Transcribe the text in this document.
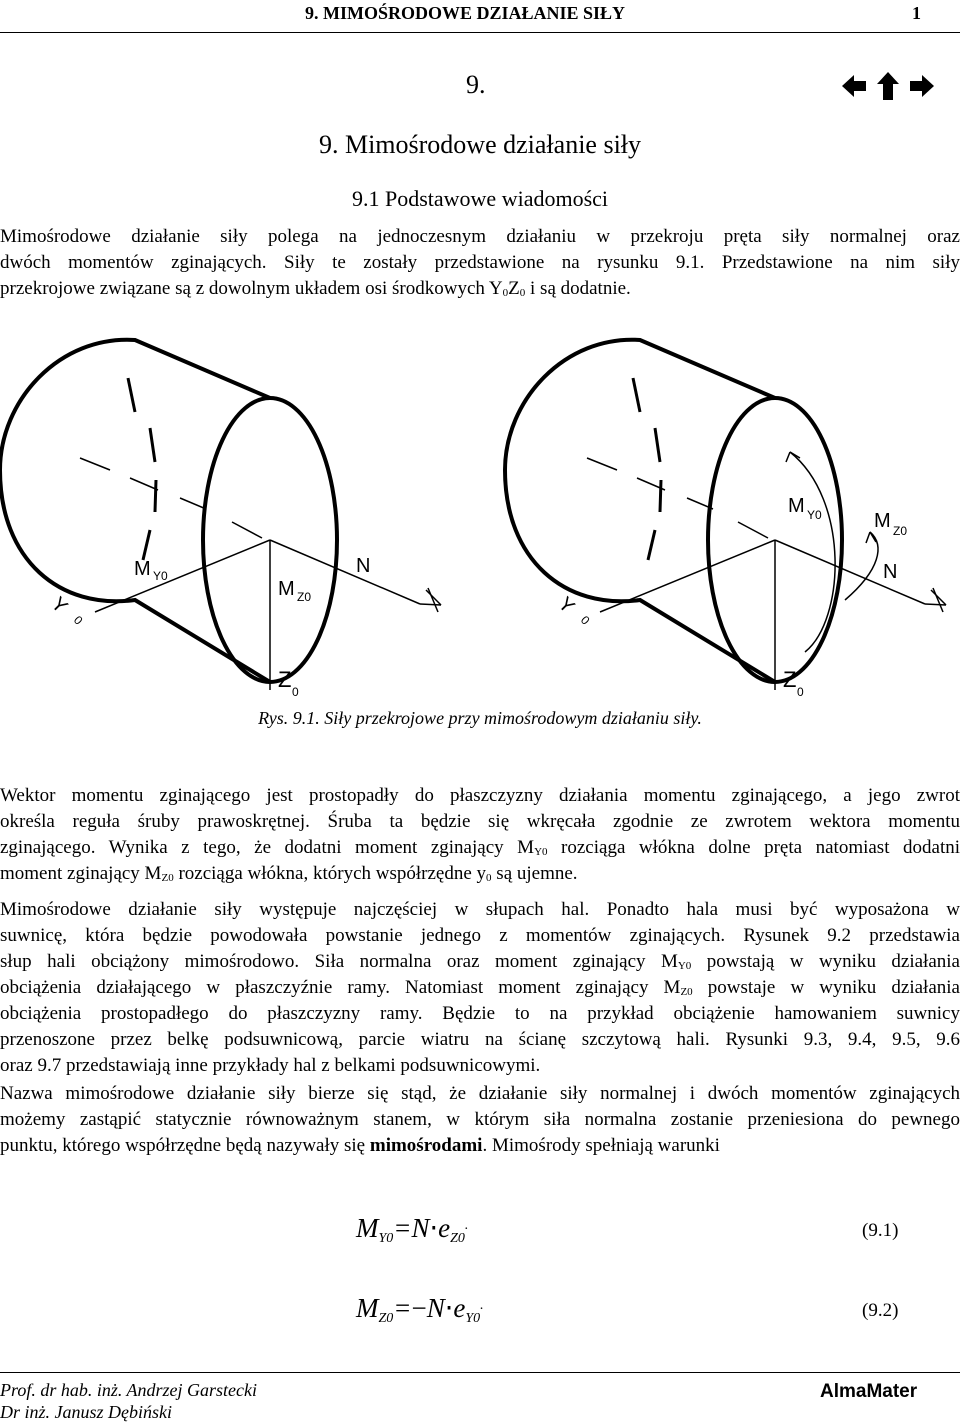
9. MIMOŚRODOWE DZIAŁANIE SIŁY	1
9.
9. Mimośrodowe działanie siły
9.1 Podstawowe wiadomości
Mimośrodowe działanie siły polega na jednoczesnym działaniu w przekroju pręta siły normalnej oraz
dwóch momentów zginających. Siły te zostały przedstawione na rysunku 9.1. Przedstawione na nim siły
przekrojowe związane są z dowolnym układem osi środkowych $Y_0Z_0$ i są dodatnie.
Y
0
M Y0
M Z0
N
Z 0
Y
0
M Y0	M Z0
N
Z 0
Rys. 9.1. Siły przekrojowe przy mimośrodowym działaniu siły.
Wektor momentu zginającego jest prostopadły do płaszczyzny działania momentu zginającego, a jego zwrot
określa reguła śruby prawoskrętnej. Śruba ta będzie się wkręcała zgodnie ze zwrotem wektora momentu
zginającego. Wynika z tego, że dodatni moment zginający $M_{Y0}$ rozciąga włókna dolne pręta natomiast dodatni
moment zginający $M_{Z0}$ rozciąga włókna, których współrzędne $y_0$ są ujemne.
Mimośrodowe działanie siły występuje najczęściej w słupach hal. Ponadto hala musi być wyposażona w
suwnicę, która będzie powodowała powstanie jednego z momentów zginających. Rysunek 9.2 przedstawia
słup hali obciążony mimośrodowo. Siła normalna oraz moment zginający $M_{Y0}$ powstają w wyniku działania
obciążenia działającego w płaszczyźnie ramy. Natomiast moment zginający $M_{Z0}$ powstaje w wyniku działania
obciążenia prostopadłego do płaszczyzny ramy. Będzie to na przykład obciążenie hamowaniem suwnicy
przenoszone przez belkę podsuwnicową, parcie wiatru na ścianę szczytową hali. Rysunki 9.3, 9.4, 9.5, 9.6
oraz 9.7 przedstawiają inne przykłady hal z belkami podsuwnicowymi.
Nazwa mimośrodowe działanie siły bierze się stąd, że działanie siły normalnej i dwóch momentów zginających
możemy zastąpić statycznie równoważnym stanem, w którym siła normalna zostanie przeniesiona do pewnego
punktu, którego współrzędne będą nazywały się mimośrodami. Mimośrody spełniają warunki
$M_{Y0}=N\cdot e_{Z0}^.$	(9.1)
$M_{Z0}=-N\cdot e_{Y0}^.$	(9.2)
Prof. dr hab. inż. Andrzej Garstecki
Dr inż. Janusz Dębiński
AlmaMater
